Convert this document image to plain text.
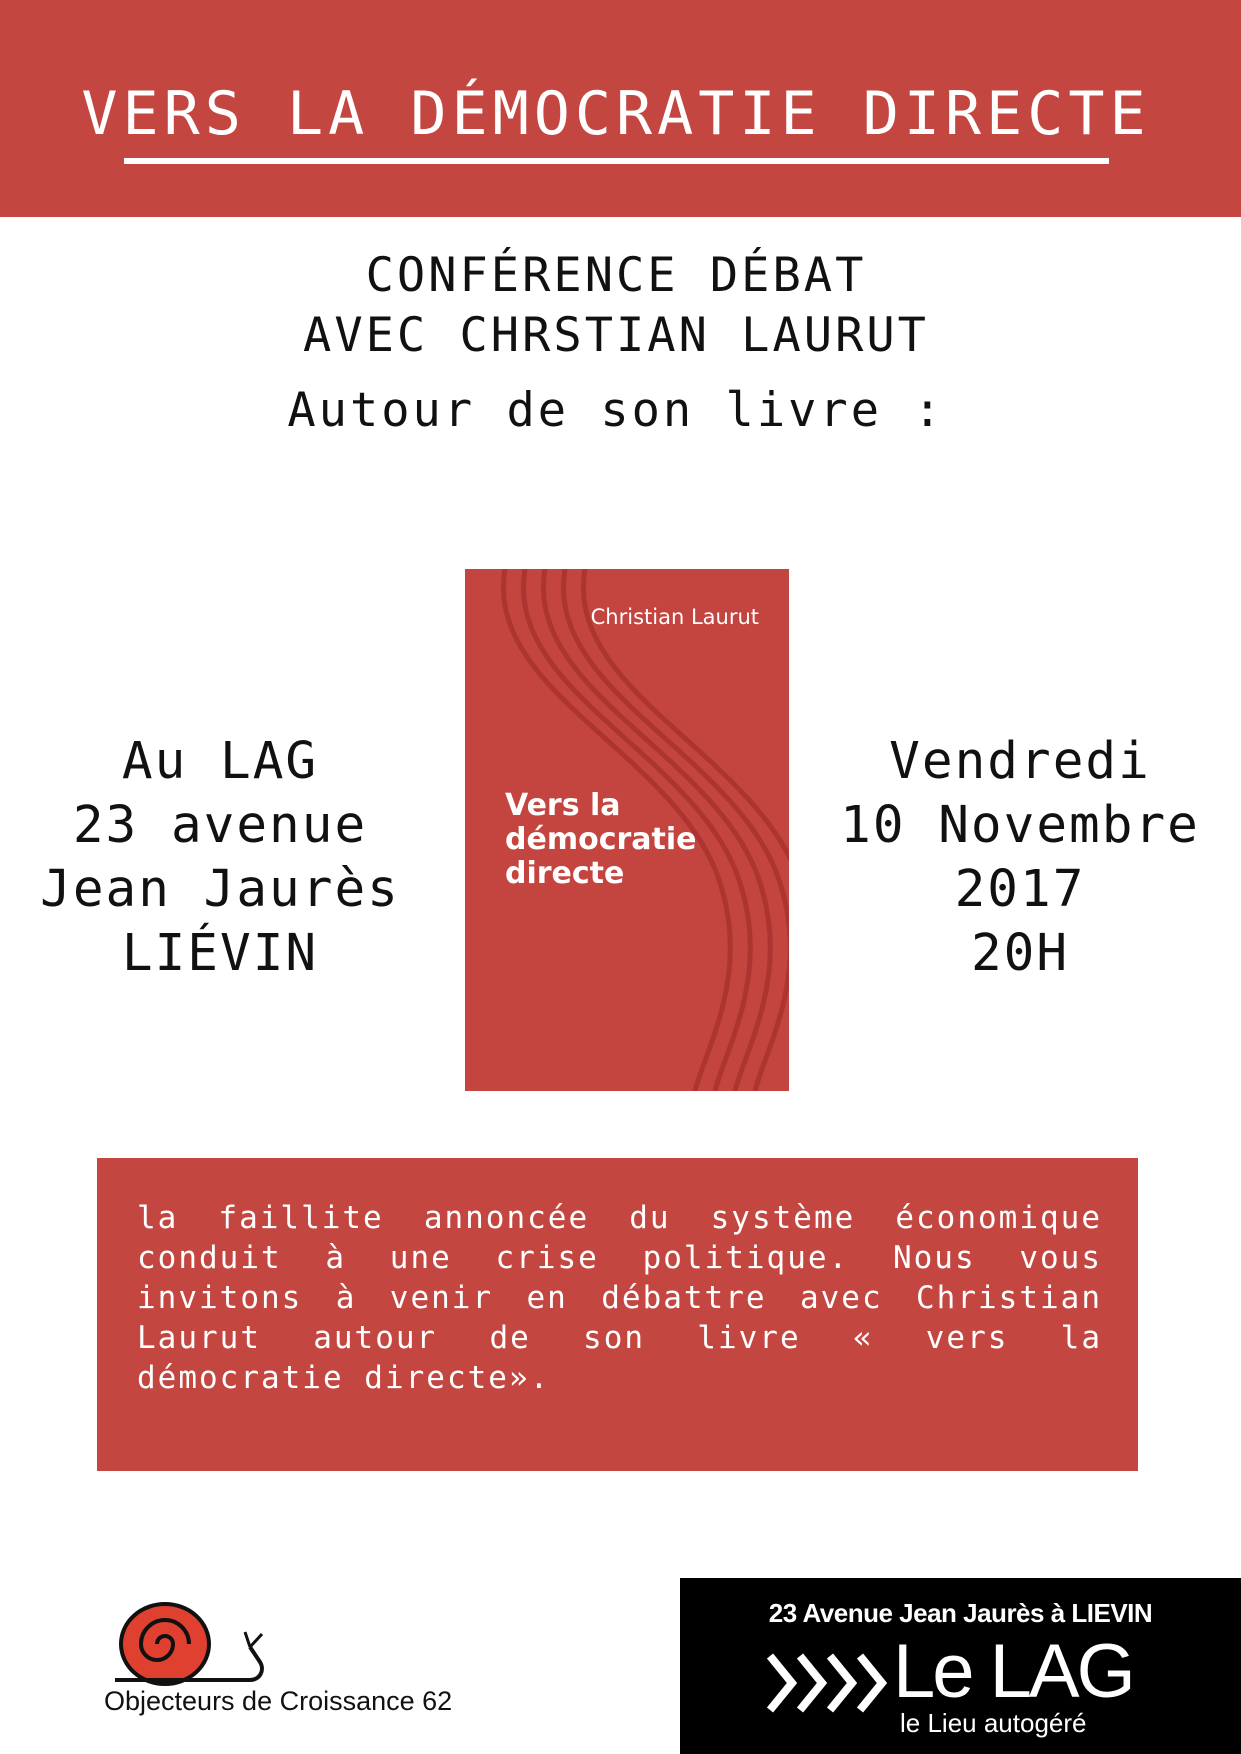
VERS LA DÉMOCRATIE DIRECTE
CONFÉRENCE DÉBAT
AVEC CHRSTIAN LAURUT
Autour de son livre :
Au LAG
23 avenue
Jean Jaurès
LIÉVIN
Christian Laurut
Vers la
démocratie
directe
Vendredi
10 Novembre
2017
20H
la faillite annoncée du système économique conduit à une crise politique. Nous vous invitons à venir en débattre avec Christian Laurut autour de son livre « vers la démocratie directe».
Objecteurs de Croissance 62
23 Avenue Jean Jaurès à LIEVIN
Le LAG
le Lieu autogéré
